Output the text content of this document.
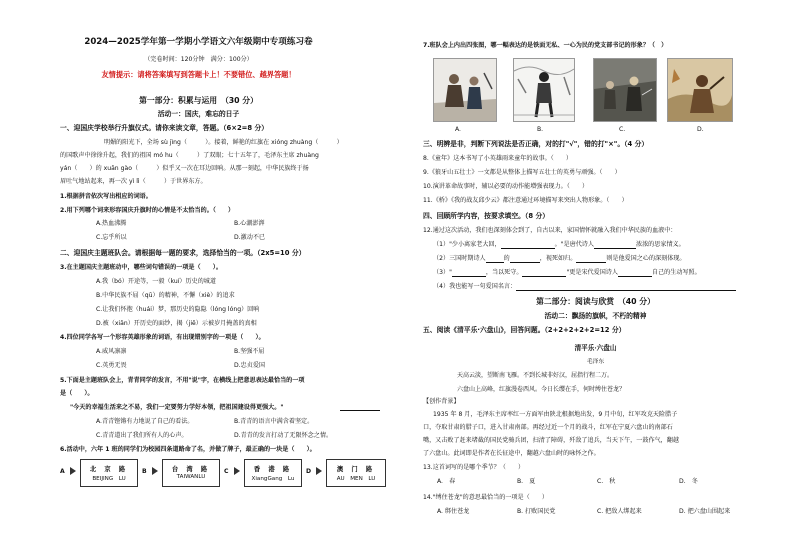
2024—2025学年第一学期小学语文六年级期中专项练习卷
（完卷时间：120分钟　满分：100分）
友情提示：请将答案填写到答题卡上！不要错位、越界答题！
第一部分：积累与运用　（30 分）
活动一：国庆，难忘的日子
一、迎国庆学校举行升旗仪式。请你来读文章，答题。（6×2=8 分）
明媚的阳光下，全场 sù jìng（　　　）。接着，鲜艳的红旗在 xióng zhuàng（　　　）
的国歌声中徐徐升起，我们的祖国 mó hu（　　　）了双眼；七十五年了，毛泽东主席 zhuàng
yán（　　）的 xuān gào（　　　）似乎又一次在耳边回响。从那一刻起，中华民族终于扬
眉吐气地站起来，再一次 yì lì（　　　）于世界东方。
1.根据拼音依次写出相应的词语。
2.用下列哪个词来形容国庆升旗时的心情是不太恰当的。（　　）
A.热血沸腾	B.心潮澎湃
C.忘乎所以	D.激动不已
二、迎国庆主题班队会。请根据每一题的要求，选择恰当的一项。（2x5=10 分）
3.在主题国庆主题班动中，哪些词句错误的一项是（　　）。
A.我（bó）开途等，一毅（kuí）历史的城道
B.中华民族不屈（qū）的精神，不懈（xiè）的追求
C.让我们怀抱（huái）梦，那历史的隐隐（lóng lóng）回响
D.被（xiān）开历史的面纱，揭（jiē）示被岁月掩盖的真相
4.四位同学各写一个形容英雄形象的词语，有出现错别字的一项是（　　）。
A.威风凛凛	B.坚强不屈
C.英勇无畏	D.忠贞爱国
5.下面是主题班队会上，青青同学的发言，不用"说"字，在横线上把意思表达最恰当的一项
是（　　）。
"今天的幸福生活来之不易，我们一定要努力学好本领，把祖国建设得更强大。"
A.青青铿锵有力地说了自己的看法。	B.青青的语言中满含着坚定。
C.青青道出了我们所有人的心声。	D.青青的发言打动了无限怀念之情。
6.活动中，六年 1 班的同学们为校园四条道路命了名，并做了牌子，最正确的一块是（　　）。
A	北 京 路
BEIJING　LU
B	台 湾 路
TAIWANLU
C	香 港 路
XiangGang　Lu
D	澳 门 路
AU　MEN　LU
7.班队会上内出四张图，哪一幅表达的是铁面无私、一心为民的党支部书记的形象？（　）
A.	B.	C.	D.
三、明辨是非，判断下列说法是否正确，对的打"√"，错的打"×"。（4 分）
8.《童年》这本书写了小英雄雨来童年的故事。（　　）
9.《狼牙山五壮士》一文都是从整体上描写五壮士的英勇与顽强。（　　）
10.演讲革命故事时，辅以必要的动作能增强表现力。（　　）
11.《桥》《我的战友邱少云》都注意通过环境描写来突出人物形象。（　　）
四、回顾所学内容，按要求填空。（8 分）
12.通过这次活动，我们也深刻体会到了，自古以来，家国情怀就融入我们中华民族的血液中：
（1）"少小离家老大回，	。"是唐代诗人	浓浓的思家情义。
（2）三国时期诗人	的	，视死如归。	则是他爱国之心的深刻体现。
（3）"	，当以死守。	"更是宋代爱国诗人	自己的生动写照。
（4）我也能写一句爱国名言：
第二部分：阅读与欣赏　（40 分）
活动二：飘扬的旗帜，不朽的精神
五、阅读《清平乐·六盘山》，回答问题。（2+2+2+2+2=12 分）
清平乐·六盘山
毛泽东
天高云淡，望断南飞雁。不到长城非好汉，屈指行程二万。
六盘山上高峰，红旗漫卷西风。今日长缨在手，何时缚住苍龙？
【创作背景】
1935 年 8 月，毛泽东主席率红一方面军由陕北根据地出发，9 月中旬，红军攻克天险腊子
口，夺取甘肃的腊子口，进入甘肃南部。再经过近一个月的战斗，红军在宁夏六盘山的南部石
嘴，又击败了赶来堵截的国民党骑兵团，扫清了障碍，歼敌了追兵，当天下午，一鼓作气，翻越
了六盘山。此词即是作者在长征途中，翻越六盘山时的咏怀之作。
13.这首词写的是哪个季节？（　　）
A.　春	B.　夏	C.　秋	D.　冬
14."缚住苍龙"的意思最恰当的一项是（　　）
A. 绑住苍龙	B. 打败国民党	C. 把敌人绑起来	D. 把六盘山围起来
